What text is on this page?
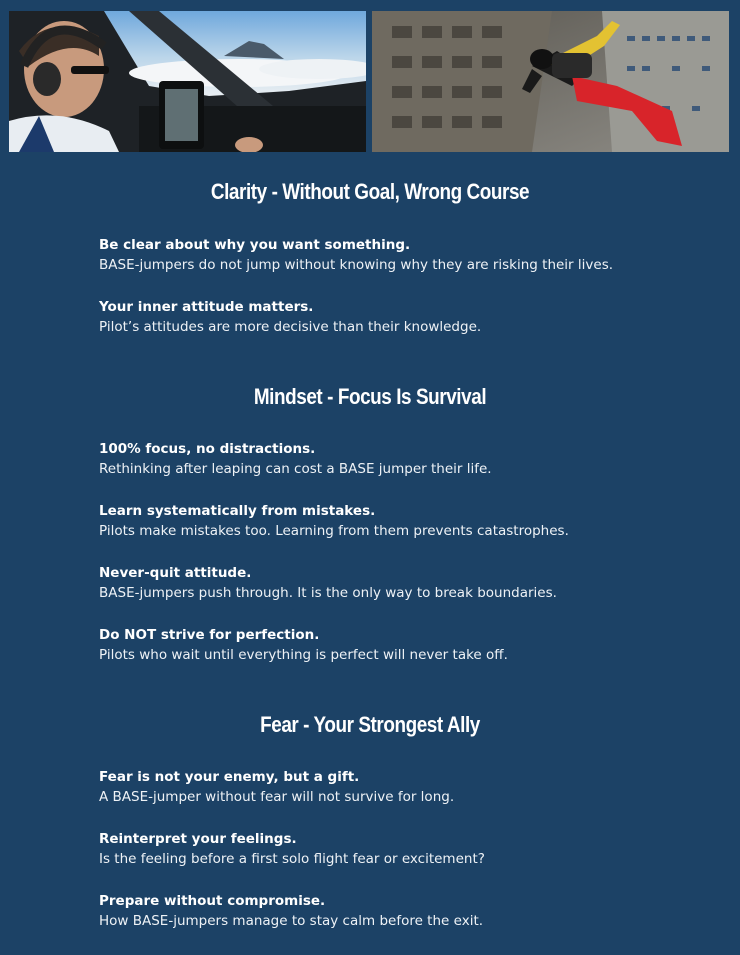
Clarity - Without Goal, Wrong Course
Be clear about why you want something.
BASE-jumpers do not jump without knowing why they are risking their lives.
Your inner attitude matters.
Pilot’s attitudes are more decisive than their knowledge.
Mindset - Focus Is Survival
100% focus, no distractions.
Rethinking after leaping can cost a BASE jumper their life.
Learn systematically from mistakes.
Pilots make mistakes too. Learning from them prevents catastrophes.
Never-quit attitude.
BASE-jumpers push through. It is the only way to break boundaries.
Do NOT strive for perfection.
Pilots who wait until everything is perfect will never take off.
Fear - Your Strongest Ally
Fear is not your enemy, but a gift.
A BASE-jumper without fear will not survive for long.
Reinterpret your feelings.
Is the feeling before a first solo flight fear or excitement?
Prepare without compromise.
How BASE-jumpers manage to stay calm before the exit.
